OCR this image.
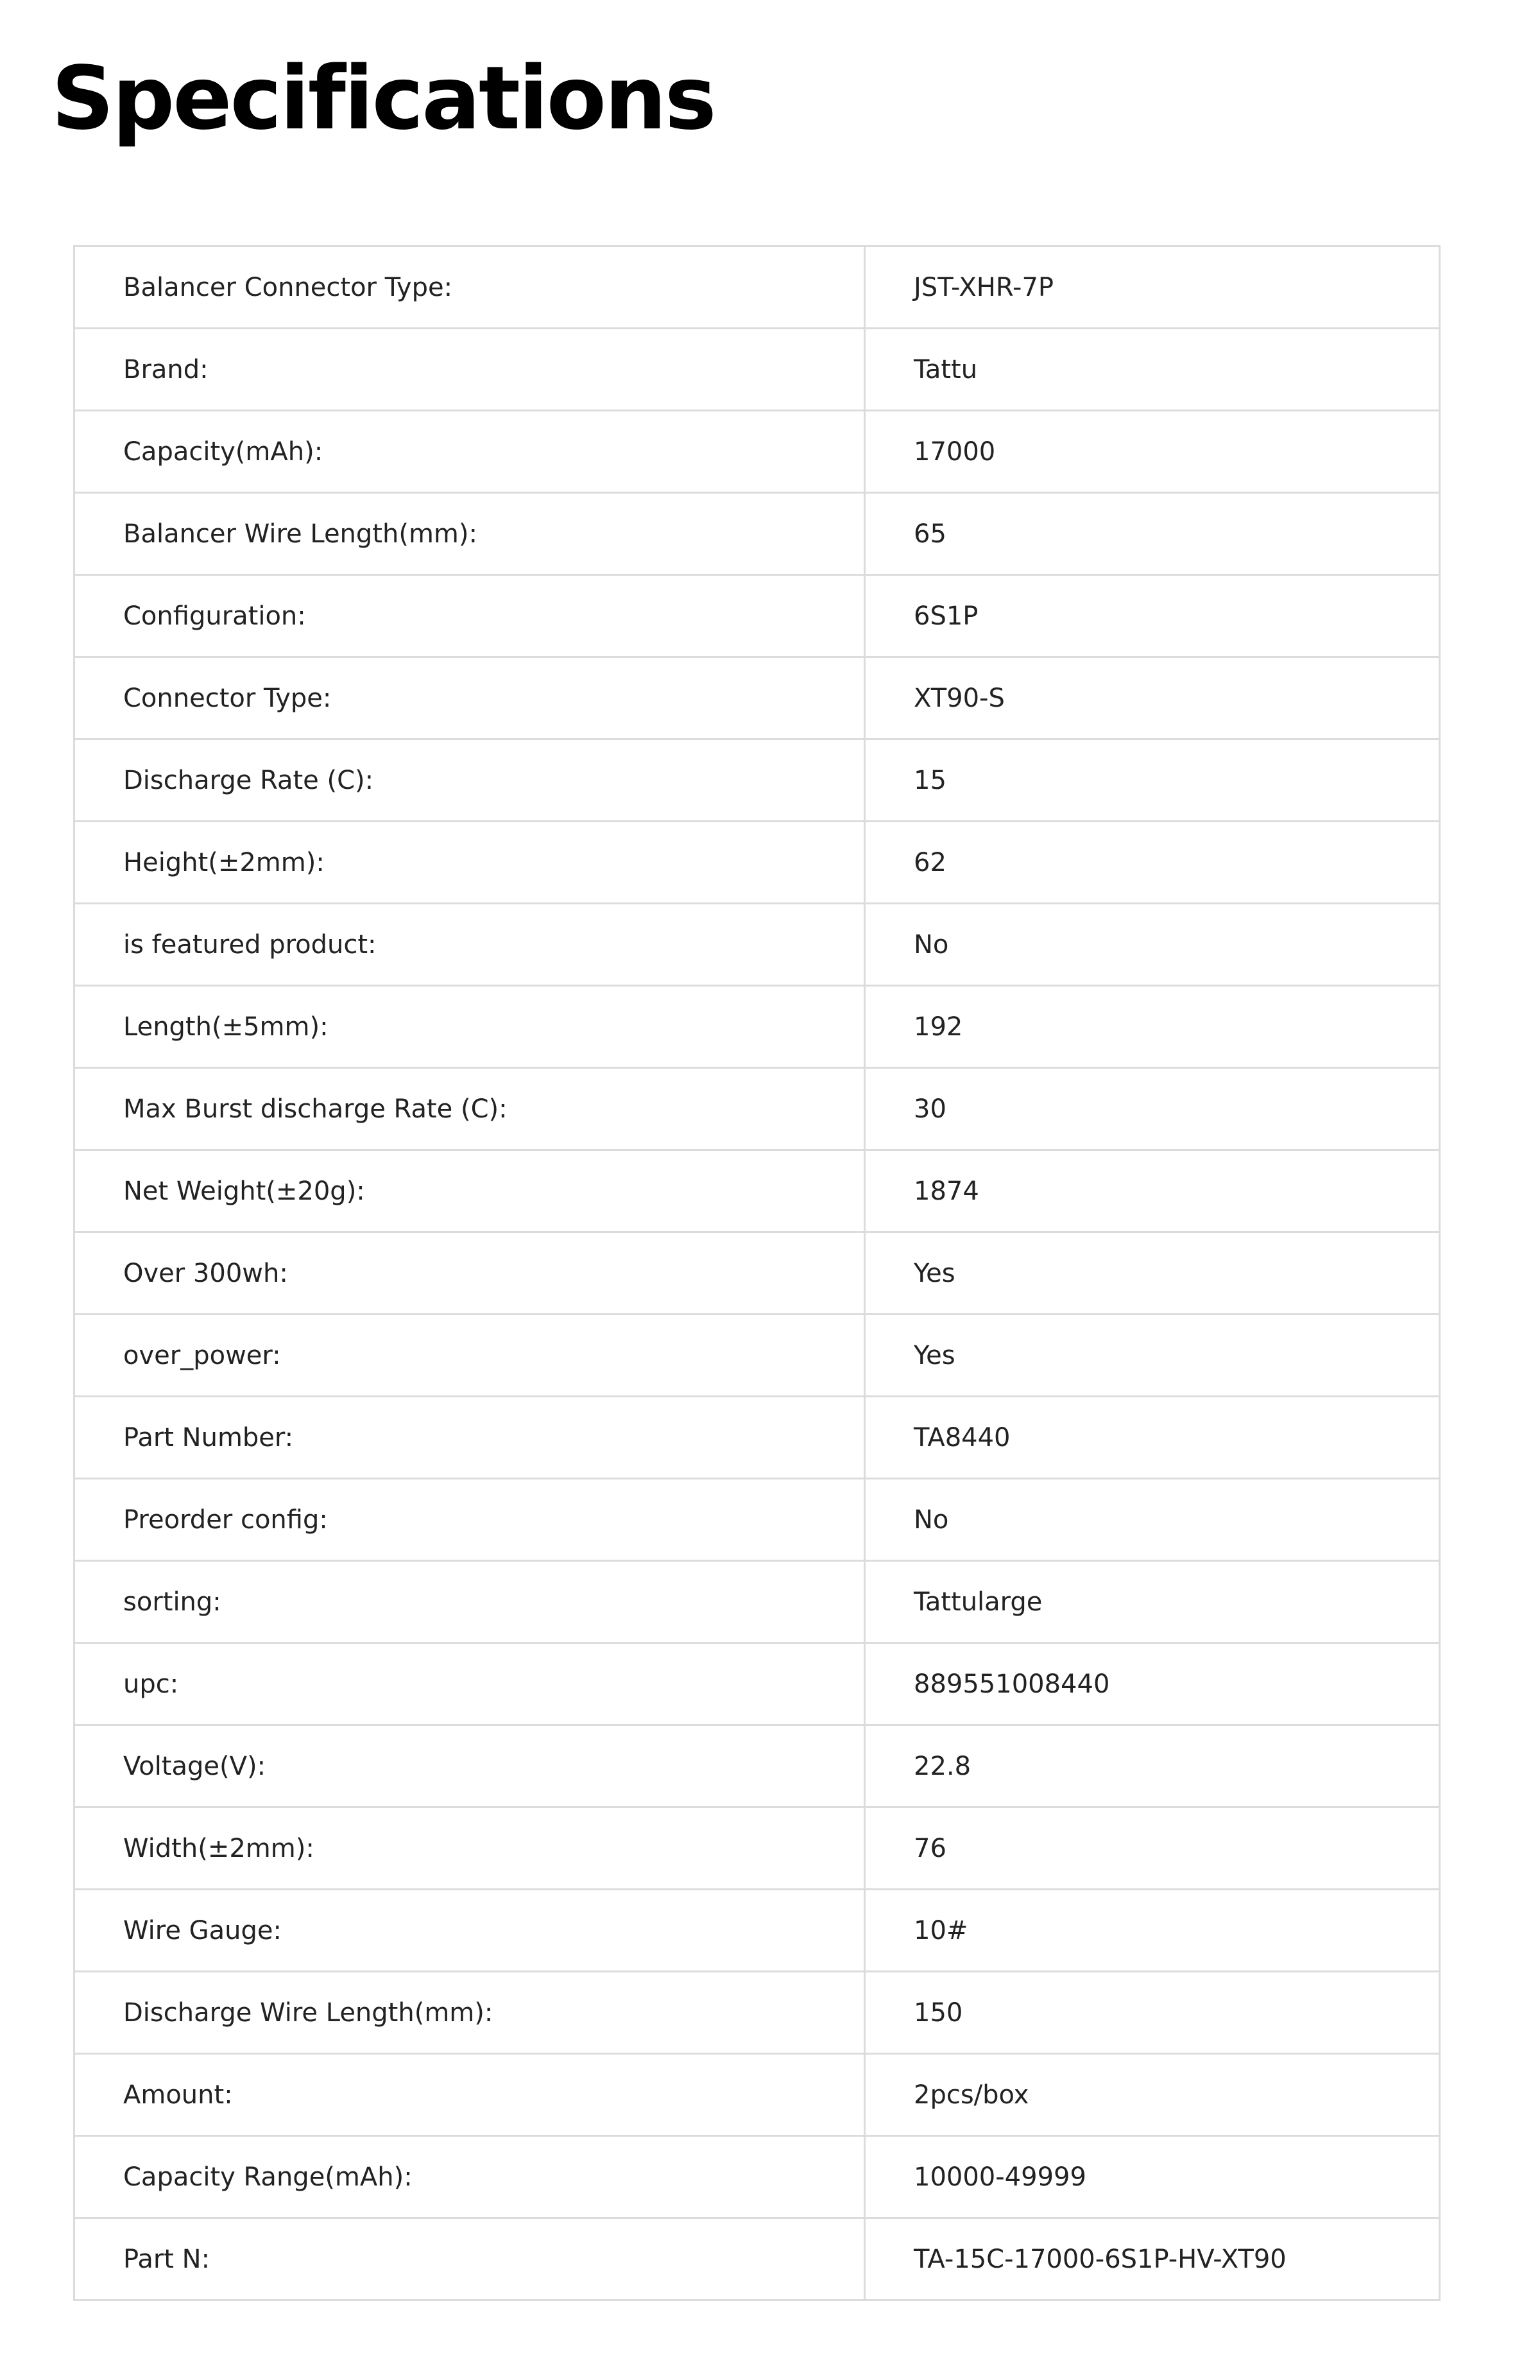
Specifications
Balancer Connector Type:	JST-XHR-7P
Brand:	Tattu
Capacity(mAh):	17000
Balancer Wire Length(mm):	65
Configuration:	6S1P
Connector Type:	XT90-S
Discharge Rate (C):	15
Height(±2mm):	62
is featured product:	No
Length(±5mm):	192
Max Burst discharge Rate (C):	30
Net Weight(±20g):	1874
Over 300wh:	Yes
over_power:	Yes
Part Number:	TA8440
Preorder config:	No
sorting:	Tattularge
upc:	889551008440
Voltage(V):	22.8
Width(±2mm):	76
Wire Gauge:	10#
Discharge Wire Length(mm):	150
Amount:	2pcs/box
Capacity Range(mAh):	10000-49999
Part N:	TA-15C-17000-6S1P-HV-XT90
